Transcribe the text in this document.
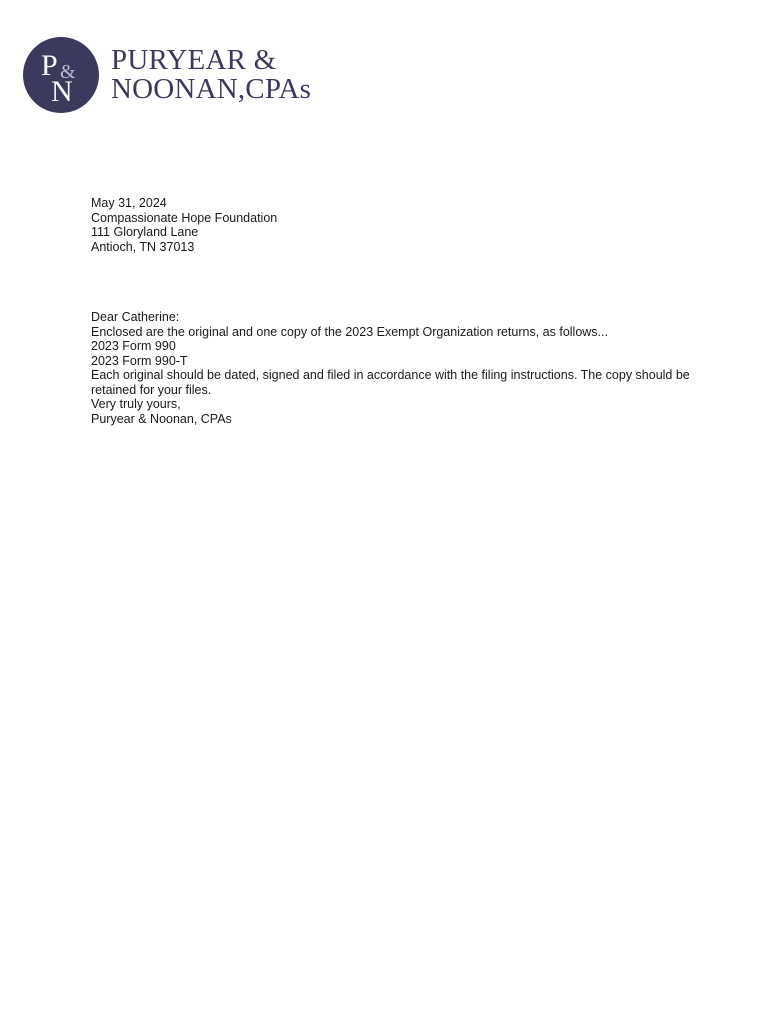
P &
N
PURYEAR &
NOONAN,CPAs

May 31, 2024

Compassionate Hope Foundation
111 Gloryland Lane
Antioch, TN 37013

Dear Catherine:

Enclosed are the original and one copy of the 2023 Exempt Organization returns, as follows...

2023 Form 990

2023 Form 990-T

Each original should be dated, signed and filed in accordance with the filing instructions. The copy should be retained for your files.

Very truly yours,

Puryear & Noonan, CPAs
